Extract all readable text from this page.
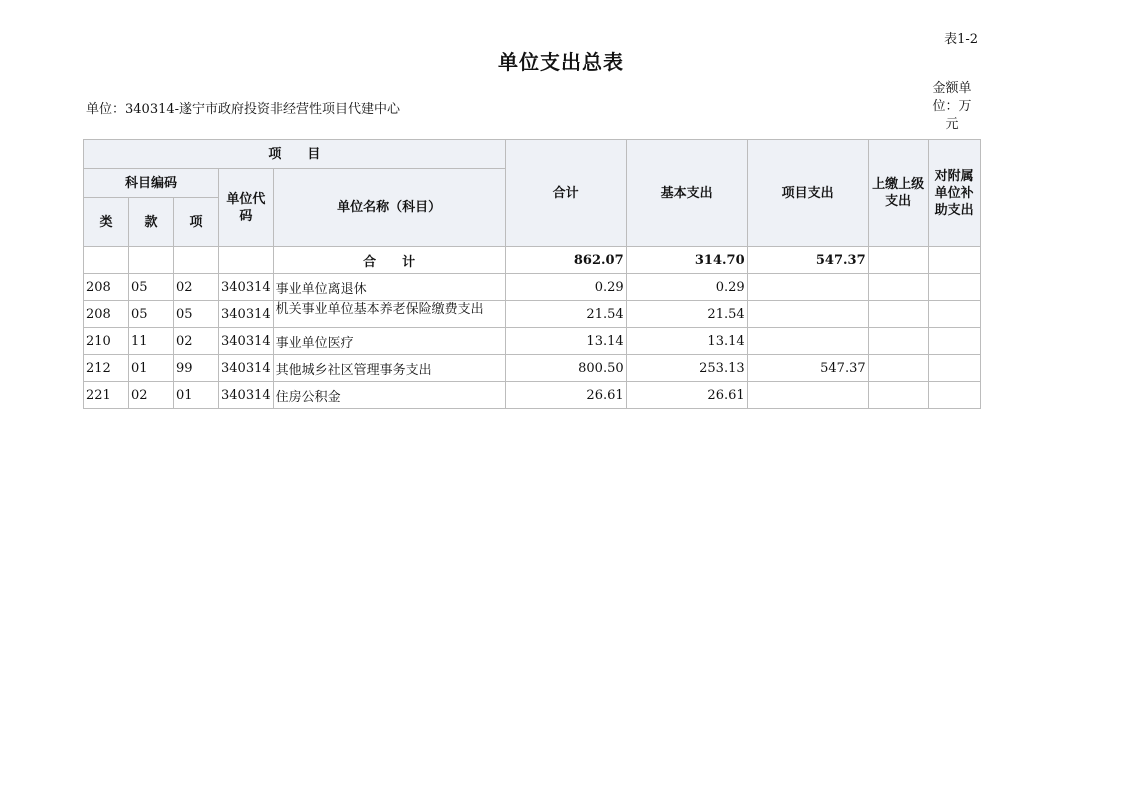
表1-2
单位支出总表
单位：340314-遂宁市政府投资非经营性项目代建中心
金额单
位：万
元
项　　目					合计	基本支出	项目支出	上缴上级支出	对附属单位补助支出
科目编码			单位代码	单位名称（科目）					
类	款	项							
				合　　计	862.07	314.70	547.37		
208	05	02	340314	事业单位离退休	0.29	0.29			
208	05	05	340314	机关事业单位基本养老保险缴费支出	21.54	21.54			
210	11	02	340314	事业单位医疗	13.14	13.14			
212	01	99	340314	其他城乡社区管理事务支出	800.50	253.13	547.37		
221	02	01	340314	住房公积金	26.61	26.61			
